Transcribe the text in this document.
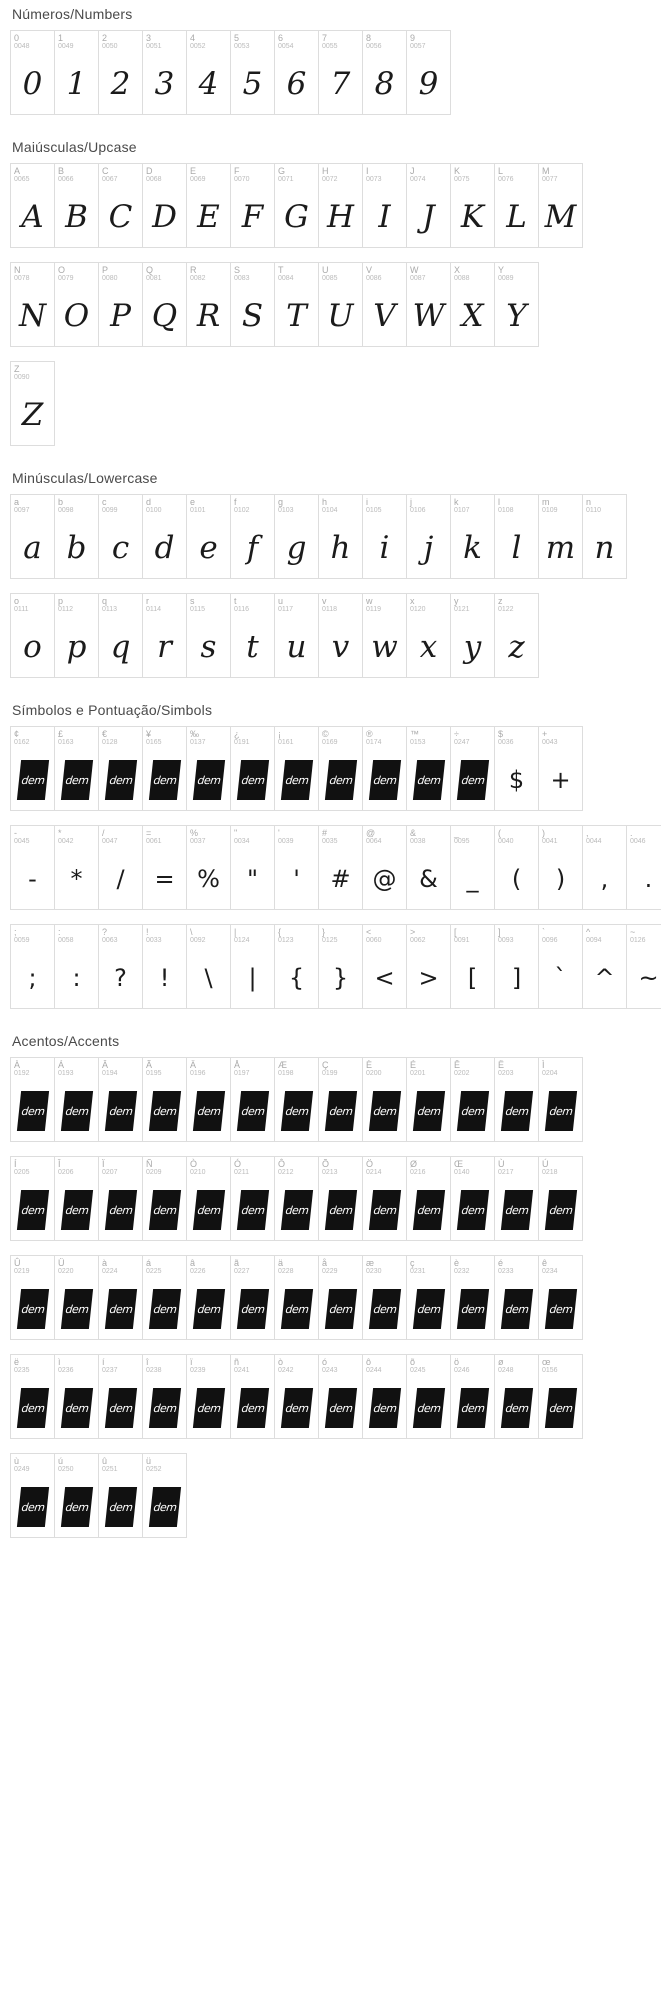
Números/Numbers
0
0048
0
1
0049
1
2
0050
2
3
0051
3
4
0052
4
5
0053
5
6
0054
6
7
0055
7
8
0056
8
9
0057
9
Maiúsculas/Upcase
A
0065
A
B
0066
B
C
0067
C
D
0068
D
E
0069
E
F
0070
F
G
0071
G
H
0072
H
I
0073
I
J
0074
J
K
0075
K
L
0076
L
M
0077
M
N
0078
N
O
0079
O
P
0080
P
Q
0081
Q
R
0082
R
S
0083
S
T
0084
T
U
0085
U
V
0086
V
W
0087
W
X
0088
X
Y
0089
Y
Z
0090
Z
Minúsculas/Lowercase
a
0097
a
b
0098
b
c
0099
c
d
0100
d
e
0101
e
f
0102
f
g
0103
g
h
0104
h
i
0105
i
j
0106
j
k
0107
k
l
0108
l
m
0109
m
n
0110
n
o
0111
o
p
0112
p
q
0113
q
r
0114
r
s
0115
s
t
0116
t
u
0117
u
v
0118
v
w
0119
w
x
0120
x
y
0121
y
z
0122
z
Símbolos e Pontuação/Simbols
¢
0162
dem
£
0163
dem
€
0128
dem
¥
0165
dem
‰
0137
dem
¿
0191
dem
¡
0161
dem
©
0169
dem
®
0174
dem
™
0153
dem
÷
0247
dem
$
0036
$
+
0043
+
-
0045
-
*
0042
*
/
0047
/
=
0061
=
%
0037
%
"
0034
"
'
0039
'
#
0035
#
@
0064
@
&
0038
&
_
0095
_
(
0040
(
)
0041
)
,
0044
,
.
0046
.
;
0059
;
:
0058
:
?
0063
?
!
0033
!
\
0092
\
|
0124
|
{
0123
{
}
0125
}
<
0060
<
>
0062
>
[
0091
[
]
0093
]
`
0096
`
^
0094
^
~
0126
~
Acentos/Accents
À
0192
dem
Á
0193
dem
Â
0194
dem
Ã
0195
dem
Ä
0196
dem
Å
0197
dem
Æ
0198
dem
Ç
0199
dem
È
0200
dem
É
0201
dem
Ê
0202
dem
Ë
0203
dem
Ì
0204
dem
Í
0205
dem
Î
0206
dem
Ï
0207
dem
Ñ
0209
dem
Ò
0210
dem
Ó
0211
dem
Ô
0212
dem
Õ
0213
dem
Ö
0214
dem
Ø
0216
dem
Œ
0140
dem
Ù
0217
dem
Ú
0218
dem
Û
0219
dem
Ü
0220
dem
à
0224
dem
á
0225
dem
â
0226
dem
ã
0227
dem
ä
0228
dem
å
0229
dem
æ
0230
dem
ç
0231
dem
è
0232
dem
é
0233
dem
ê
0234
dem
ë
0235
dem
ì
0236
dem
í
0237
dem
î
0238
dem
ï
0239
dem
ñ
0241
dem
ò
0242
dem
ó
0243
dem
ô
0244
dem
õ
0245
dem
ö
0246
dem
ø
0248
dem
œ
0156
dem
ù
0249
dem
ú
0250
dem
û
0251
dem
ü
0252
dem
